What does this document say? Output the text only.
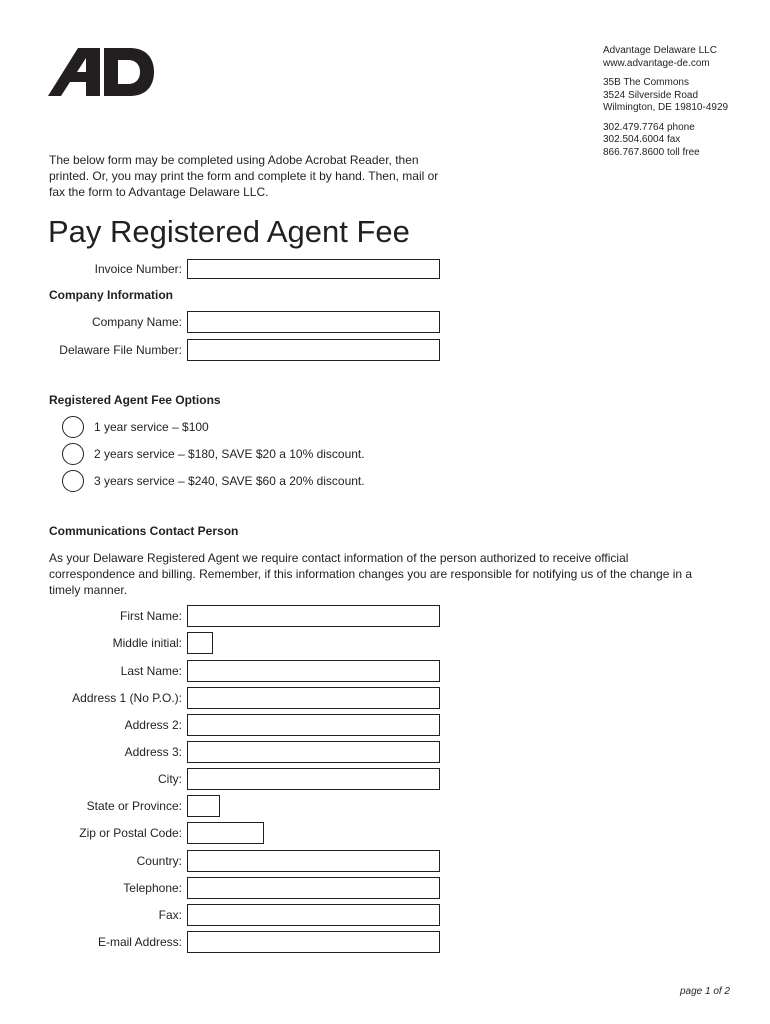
Advantage Delaware LLC
www.advantage-de.com
35B The Commons
3524 Silverside Road
Wilmington, DE 19810-4929
302.479.7764 phone
302.504.6004 fax
866.767.8600 toll free
The below form may be completed using Adobe Acrobat Reader, then
printed. Or, you may print the form and complete it by hand. Then, mail or
fax the form to Advantage Delaware LLC.
Pay Registered Agent Fee
Invoice Number:
Company Information
Company Name:
Delaware File Number:
Registered Agent Fee Options
1 year service – $100
2 years service – $180, SAVE $20 a 10% discount.
3 years service – $240, SAVE $60 a 20% discount.
Communications Contact Person
As your Delaware Registered Agent we require contact information of the person authorized to receive official
correspondence and billing. Remember, if this information changes you are responsible for notifying us of the change in a
timely manner.
First Name:
Middle initial:
Last Name:
Address 1 (No P.O.):
Address 2:
Address 3:
City:
State or Province:
Zip or Postal Code:
Country:
Telephone:
Fax:
E-mail Address:
page 1 of 2
